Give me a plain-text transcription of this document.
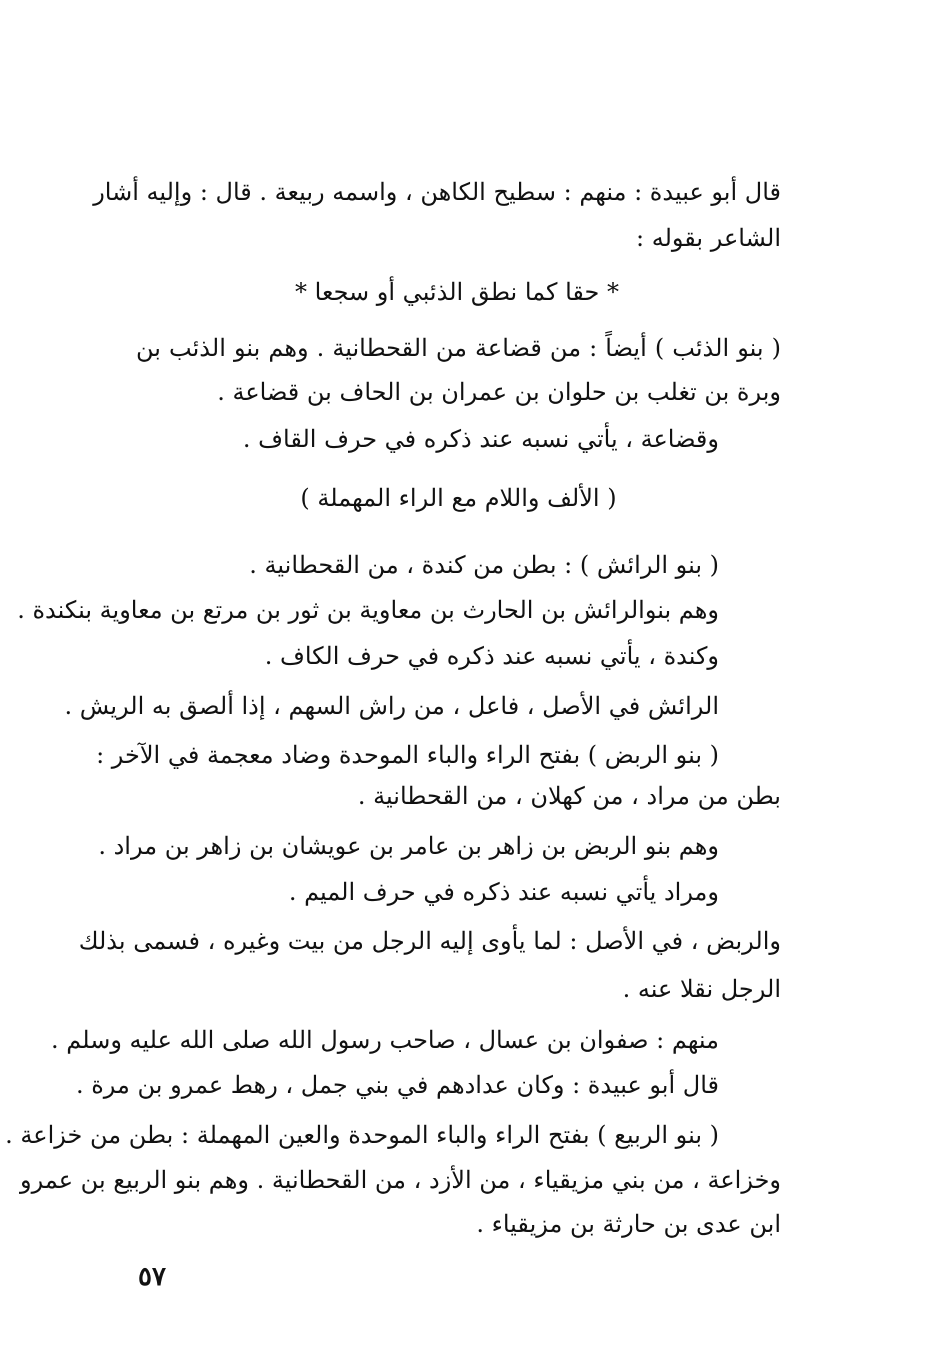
قال أبو عبيدة : منهم : سطيح الكاهن ، واسمه ربيعة . قال : وإليه أشار
الشاعر بقوله :
* حقا كما نطق الذئبي أو سجعا *
( بنو الذئب ) أيضاً : من قضاعة من القحطانية . وهم بنو الذئب بن
وبرة بن تغلب بن حلوان بن عمران بن الحاف بن قضاعة .
وقضاعة ، يأتي نسبه عند ذكره في حرف القاف .
( الألف واللام مع الراء المهملة )
( بنو الرائش ) : بطن من كندة ، من القحطانية .
وهم بنوالرائش بن الحارث بن معاوية بن ثور بن مرتع بن معاوية بنكندة .
وكندة ، يأتي نسبه عند ذكره في حرف الكاف .
الرائش في الأصل ، فاعل ، من راش السهم ، إذا ألصق به الريش .
( بنو الربض ) بفتح الراء والباء الموحدة وضاد معجمة في الآخر :
بطن من مراد ، من كهلان ، من القحطانية .
وهم بنو الربض بن زاهر بن عامر بن عويشان بن زاهر بن مراد .
ومراد يأتي نسبه عند ذكره في حرف الميم .
والربض ، في الأصل : لما يأوى إليه الرجل من بيت وغيره ، فسمى بذلك
الرجل نقلا عنه .
منهم : صفوان بن عسال ، صاحب رسول الله صلى الله عليه وسلم .
قال أبو عبيدة : وكان عدادهم في بني جمل ، رهط عمرو بن مرة .
( بنو الربيع ) بفتح الراء والباء الموحدة والعين المهملة : بطن من خزاعة .
وخزاعة ، من بني مزيقياء ، من الأزد ، من القحطانية . وهم بنو الربيع بن عمرو
ابن عدى بن حارثة بن مزيقياء .
٥٧
